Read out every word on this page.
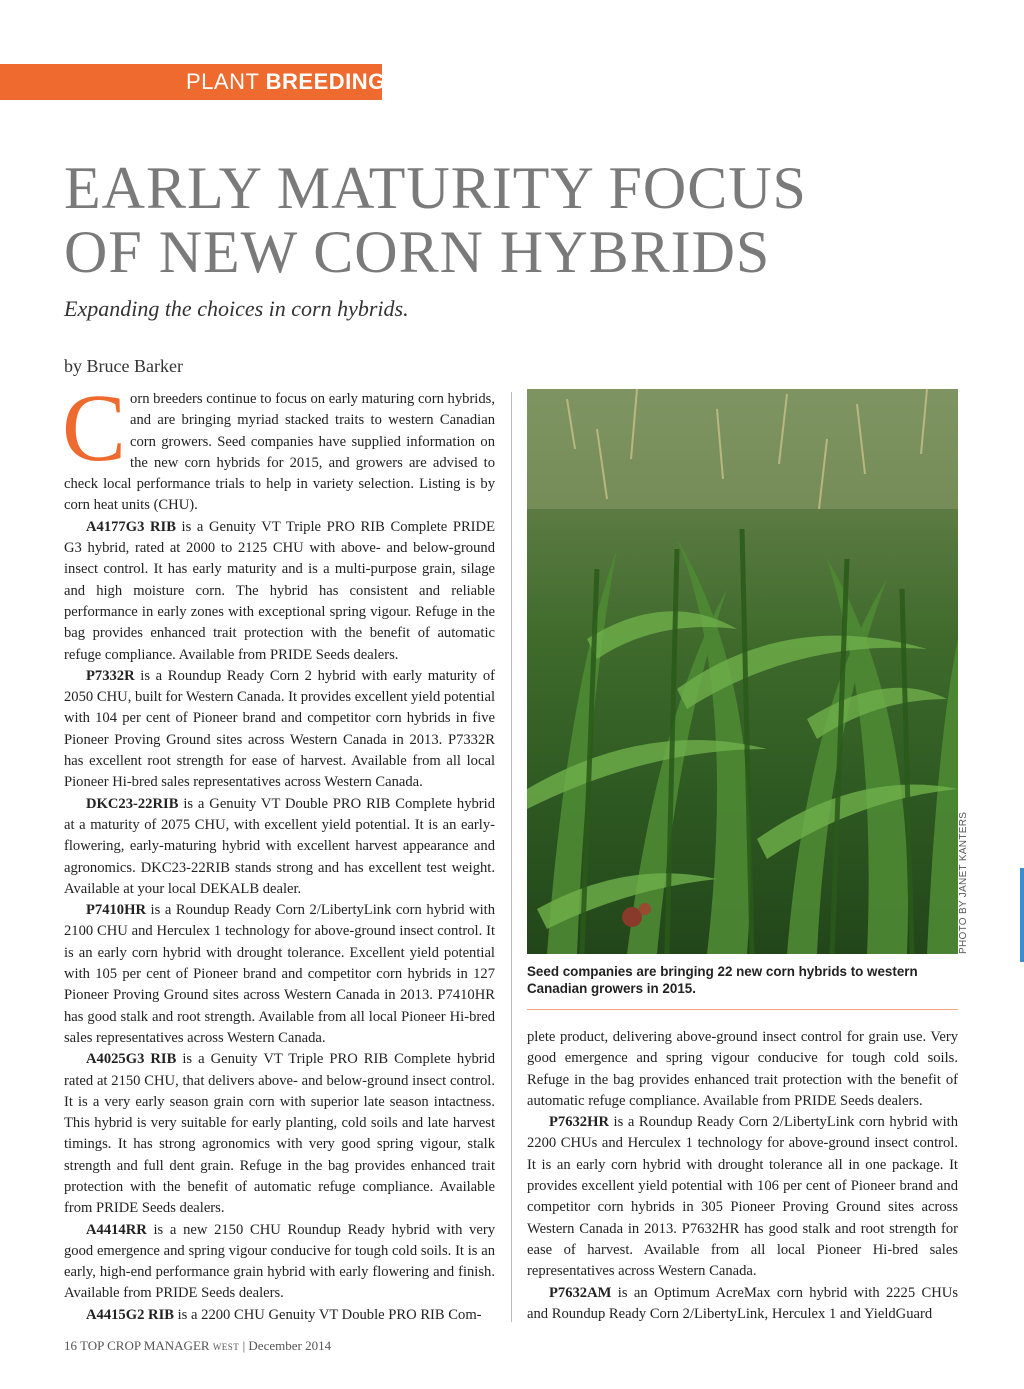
PLANT BREEDING
EARLY MATURITY FOCUS
OF NEW CORN HYBRIDS
Expanding the choices in corn hybrids.
by Bruce Barker

Corn breeders continue to focus on early maturing corn hybrids, and are bringing myriad stacked traits to western Canadian corn growers. Seed companies have supplied information on the new corn hybrids for 2015, and growers are advised to check local performance trials to help in variety selection. Listing is by corn heat units (CHU).

A4177G3 RIB is a Genuity VT Triple PRO RIB Complete PRIDE G3 hybrid, rated at 2000 to 2125 CHU with above- and below-ground insect control. It has early maturity and is a multi-purpose grain, silage and high moisture corn. The hybrid has consistent and reliable performance in early zones with exceptional spring vigour. Refuge in the bag provides enhanced trait protection with the benefit of automatic refuge compliance. Available from PRIDE Seeds dealers.

P7332R is a Roundup Ready Corn 2 hybrid with early maturity of 2050 CHU, built for Western Canada. It provides excellent yield potential with 104 per cent of Pioneer brand and competitor corn hybrids in five Pioneer Proving Ground sites across Western Canada in 2013. P7332R has excellent root strength for ease of harvest. Available from all local Pioneer Hi-bred sales representatives across Western Canada.

DKC23-22RIB is a Genuity VT Double PRO RIB Complete hybrid at a maturity of 2075 CHU, with excellent yield potential. It is an early-flowering, early-maturing hybrid with excellent harvest appearance and agronomics. DKC23-22RIB stands strong and has excellent test weight. Available at your local DEKALB dealer.

P7410HR is a Roundup Ready Corn 2/LibertyLink corn hybrid with 2100 CHU and Herculex 1 technology for above-ground insect control. It is an early corn hybrid with drought tolerance. Excellent yield potential with 105 per cent of Pioneer brand and competitor corn hybrids in 127 Pioneer Proving Ground sites across Western Canada in 2013. P7410HR has good stalk and root strength. Available from all local Pioneer Hi-bred sales representatives across Western Canada.

A4025G3 RIB is a Genuity VT Triple PRO RIB Complete hybrid rated at 2150 CHU, that delivers above- and below-ground insect control. It is a very early season grain corn with superior late season intactness. This hybrid is very suitable for early planting, cold soils and late harvest timings. It has strong agronomics with very good spring vigour, stalk strength and full dent grain. Refuge in the bag provides enhanced trait protection with the benefit of automatic refuge compliance. Available from PRIDE Seeds dealers.

A4414RR is a new 2150 CHU Roundup Ready hybrid with very good emergence and spring vigour conducive for tough cold soils. It is an early, high-end performance grain hybrid with early flowering and finish. Available from PRIDE Seeds dealers.

A4415G2 RIB is a 2200 CHU Genuity VT Double PRO RIB Com-

PHOTO BY JANET KANTERS
Seed companies are bringing 22 new corn hybrids to western Canadian growers in 2015.

plete product, delivering above-ground insect control for grain use. Very good emergence and spring vigour conducive for tough cold soils. Refuge in the bag provides enhanced trait protection with the benefit of automatic refuge compliance. Available from PRIDE Seeds dealers.

P7632HR is a Roundup Ready Corn 2/LibertyLink corn hybrid with 2200 CHUs and Herculex 1 technology for above-ground insect control. It is an early corn hybrid with drought tolerance all in one package. It provides excellent yield potential with 106 per cent of Pioneer brand and competitor corn hybrids in 305 Pioneer Proving Ground sites across Western Canada in 2013. P7632HR has good stalk and root strength for ease of harvest. Available from all local Pioneer Hi-bred sales representatives across Western Canada.

P7632AM is an Optimum AcreMax corn hybrid with 2225 CHUs and Roundup Ready Corn 2/LibertyLink, Herculex 1 and YieldGuard

16 TOP CROP MANAGER WEST | December 2014
